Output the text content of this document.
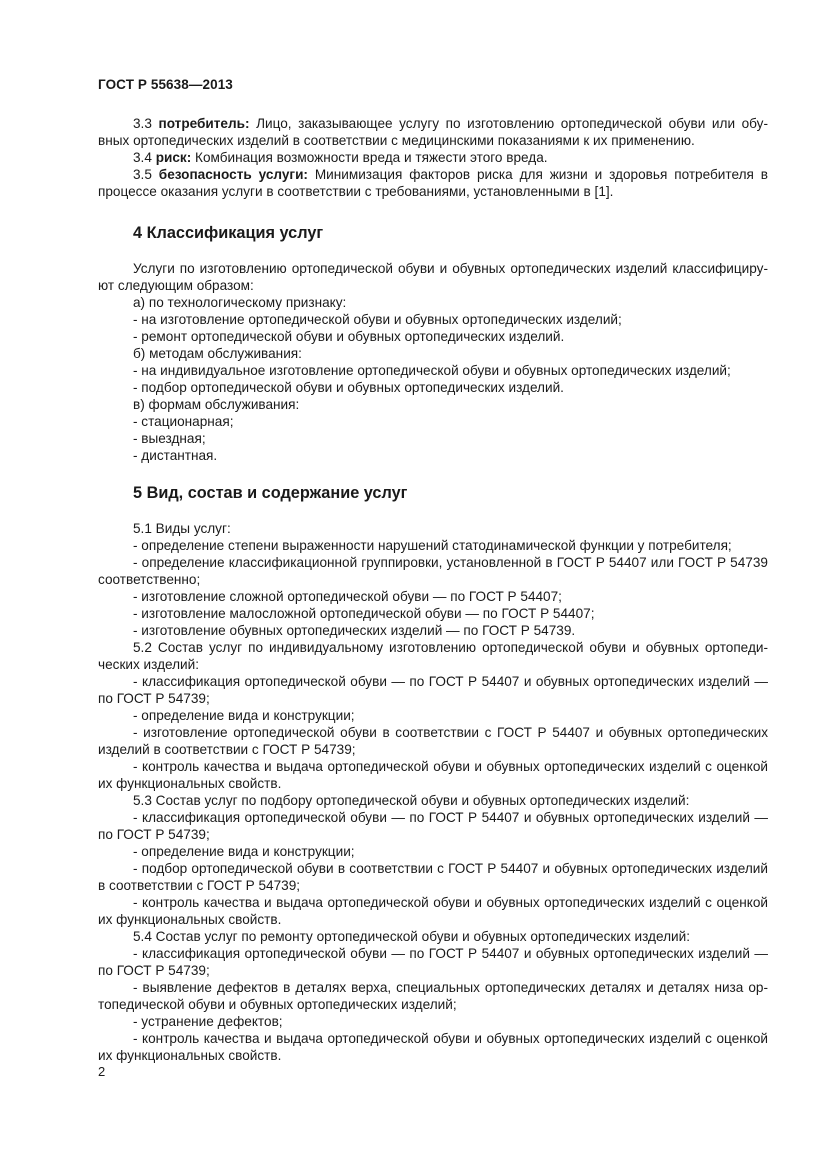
ГОСТ Р 55638—2013

3.3 потребитель: Лицо, заказывающее услугу по изготовлению ортопедической обуви или обу-

вных ортопедических изделий в соответствии с медицинскими показаниями к их применению.

3.4 риск: Комбинация возможности вреда и тяжести этого вреда.

3.5 безопасность услуги: Минимизация факторов риска для жизни и здоровья потребителя в

процессе оказания услуги в соответствии с требованиями, установленными в [1].

4 Классификация услуг

Услуги по изготовлению ортопедической обуви и обувных ортопедических изделий классифициру-

ют следующим образом:

а) по технологическому признаку:

- на изготовление ортопедической обуви и обувных ортопедических изделий;

- ремонт ортопедической обуви и обувных ортопедических изделий.

б) методам обслуживания:

- на индивидуальное изготовление ортопедической обуви и обувных ортопедических изделий;

- подбор ортопедической обуви и обувных ортопедических изделий.

в) формам обслуживания:

- стационарная;

- выездная;

- дистантная.

5 Вид, состав и содержание услуг

5.1 Виды услуг:

- определение степени выраженности нарушений статодинамической функции у потребителя;

- определение классификационной группировки, установленной в ГОСТ Р 54407 или ГОСТ Р 54739

соответственно;

- изготовление сложной ортопедической обуви — по ГОСТ Р 54407;

- изготовление малосложной ортопедической обуви — по ГОСТ Р 54407;

- изготовление обувных ортопедических изделий — по ГОСТ Р 54739.

5.2 Состав услуг по индивидуальному изготовлению ортопедической обуви и обувных ортопеди-

ческих изделий:

- классификация ортопедической обуви — по ГОСТ Р 54407 и обувных ортопедических изделий —

по ГОСТ Р 54739;

- определение вида и конструкции;

- изготовление ортопедической обуви в соответствии с ГОСТ Р 54407 и обувных ортопедических

изделий в соответствии с ГОСТ Р 54739;

- контроль качества и выдача ортопедической обуви и обувных ортопедических изделий с оценкой

их функциональных свойств.

5.3 Состав услуг по подбору ортопедической обуви и обувных ортопедических изделий:

- классификация ортопедической обуви — по ГОСТ Р 54407 и обувных ортопедических изделий —

по ГОСТ Р 54739;

- определение вида и конструкции;

- подбор ортопедической обуви в соответствии с ГОСТ Р 54407 и обувных ортопедических изделий

в соответствии с ГОСТ Р 54739;

- контроль качества и выдача ортопедической обуви и обувных ортопедических изделий с оценкой

их функциональных свойств.

5.4 Состав услуг по ремонту ортопедической обуви и обувных ортопедических изделий:

- классификация ортопедической обуви — по ГОСТ Р 54407 и обувных ортопедических изделий —

по ГОСТ Р 54739;

- выявление дефектов в деталях верха, специальных ортопедических деталях и деталях низа ор-

топедической обуви и обувных ортопедических изделий;

- устранение дефектов;

- контроль качества и выдача ортопедической обуви и обувных ортопедических изделий с оценкой

их функциональных свойств.

2
